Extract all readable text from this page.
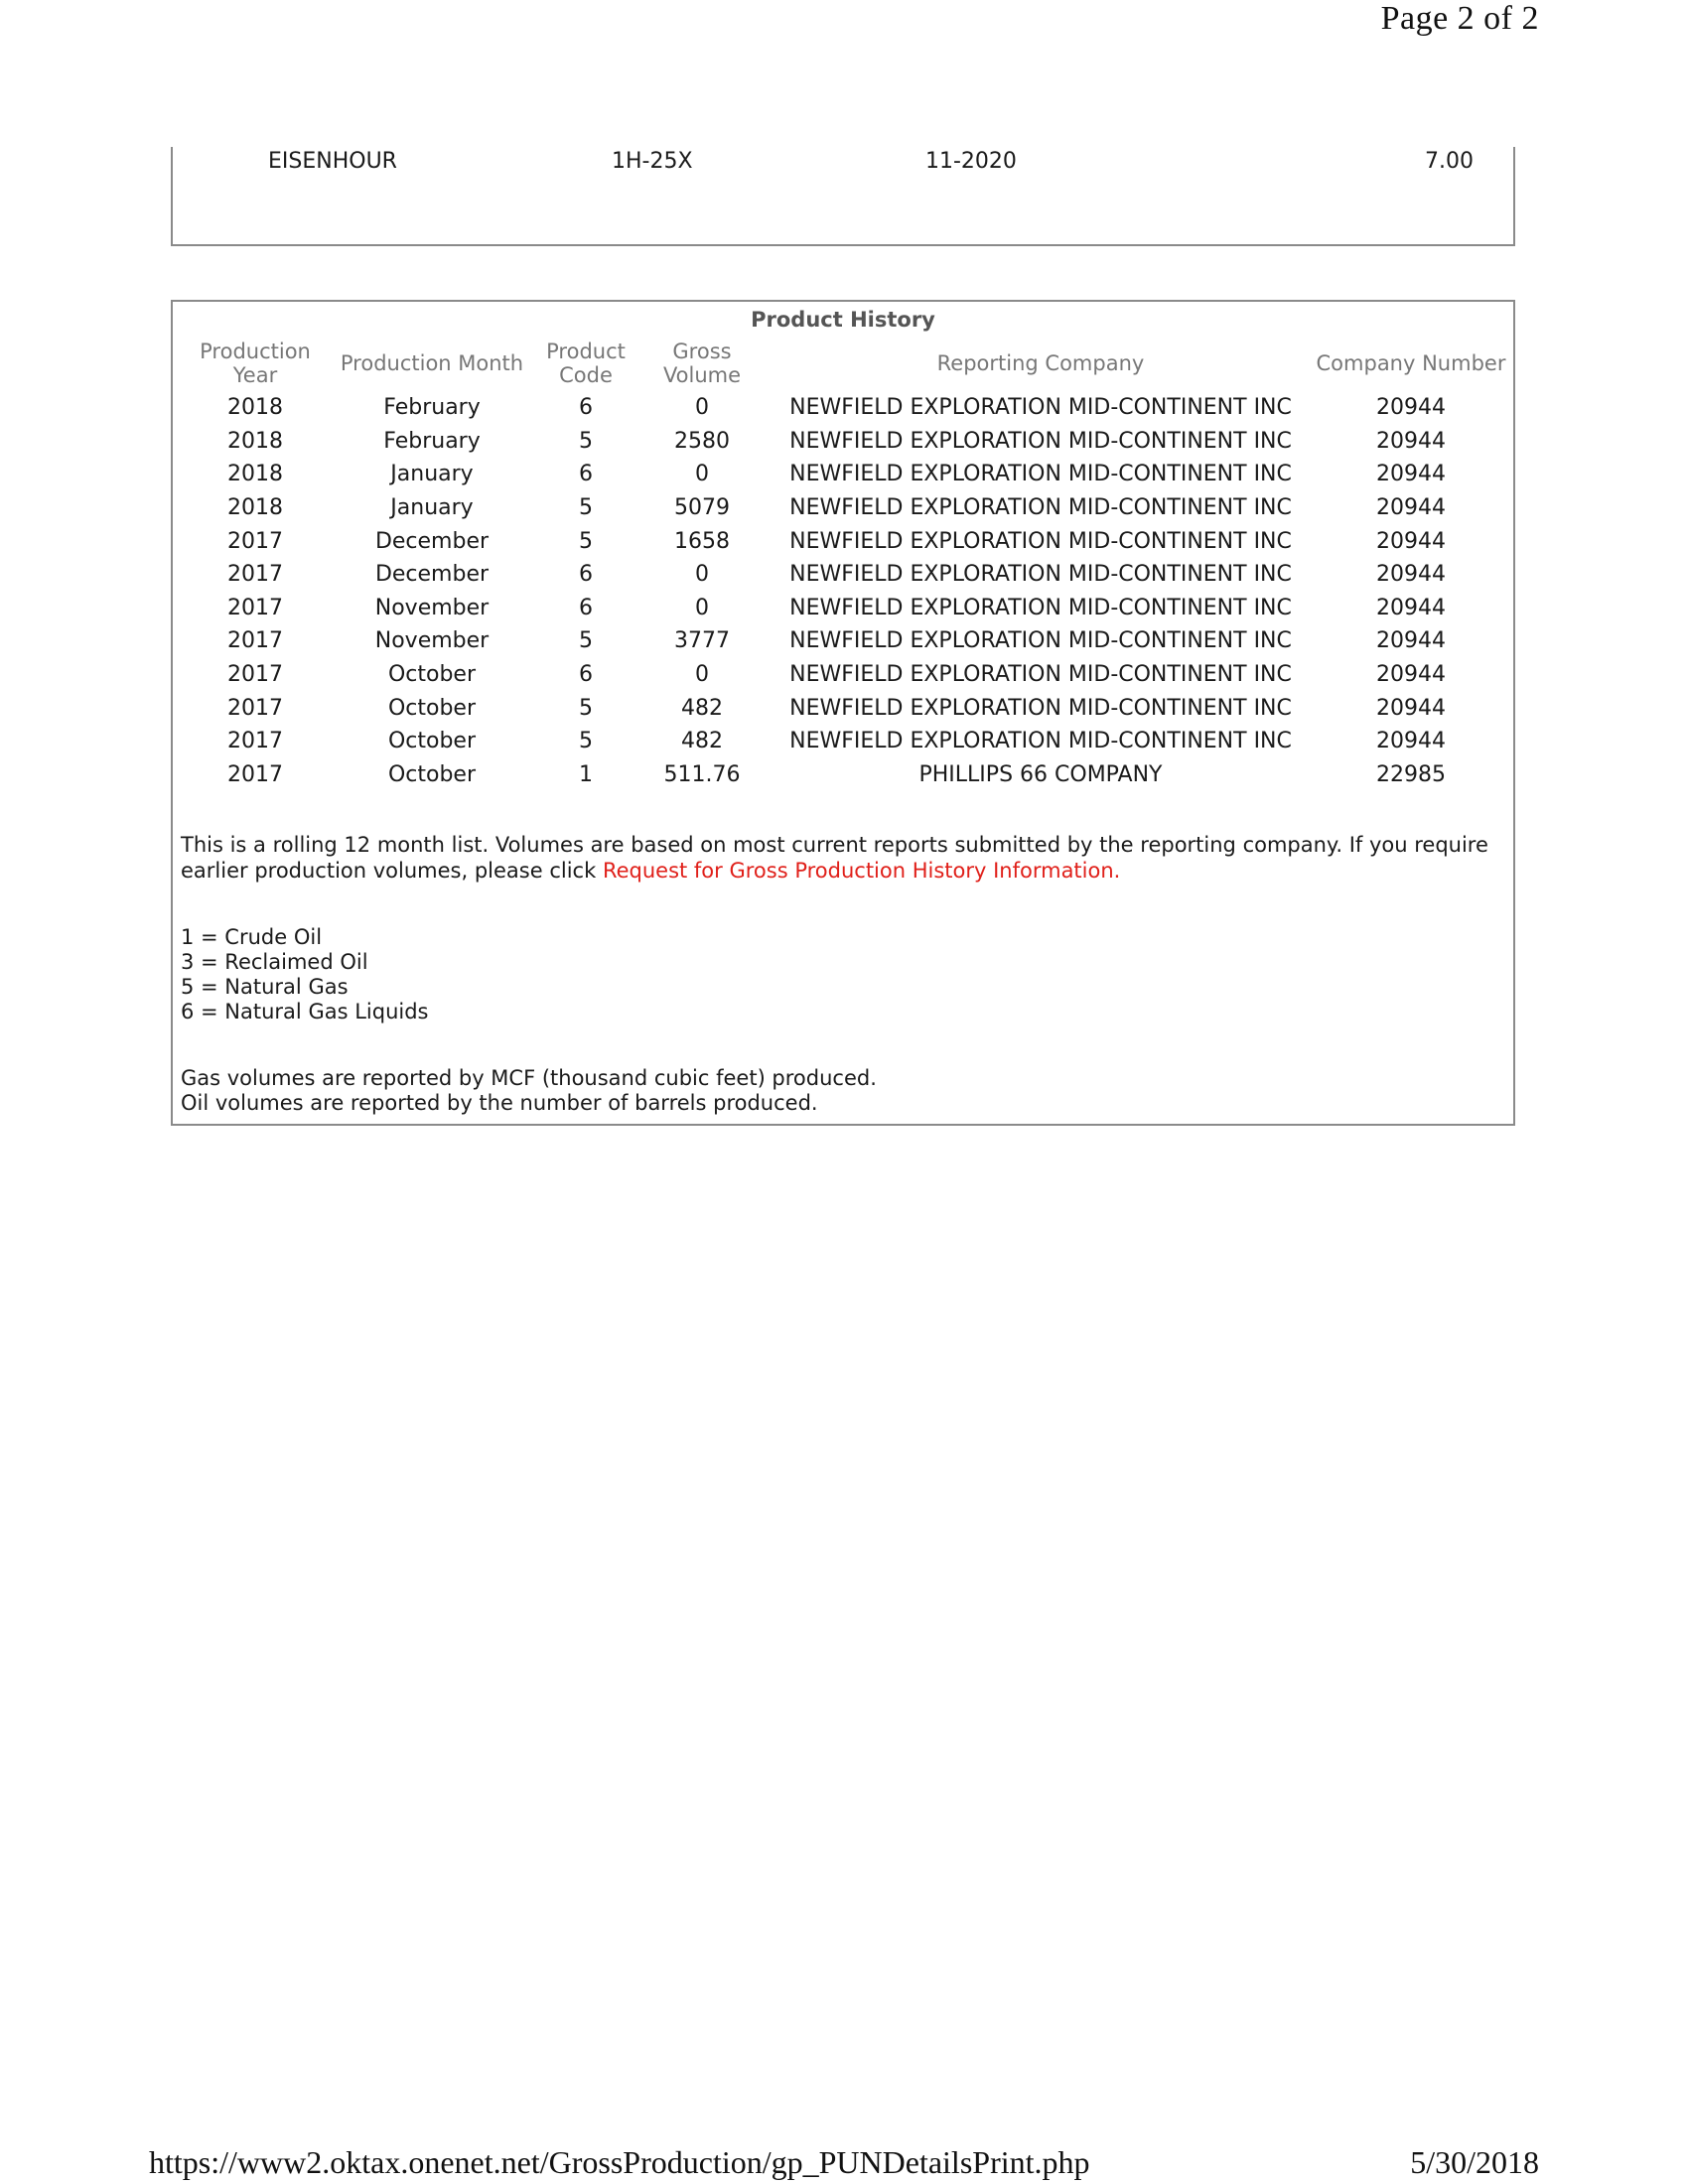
Page 2 of 2
EISENHOUR	1H-25X	11-2020	7.00
Product History
Production Year	Production Month	Product Code	Gross Volume	Reporting Company	Company Number
2018	February	6	0	NEWFIELD EXPLORATION MID-CONTINENT INC	20944
2018	February	5	2580	NEWFIELD EXPLORATION MID-CONTINENT INC	20944
2018	January	6	0	NEWFIELD EXPLORATION MID-CONTINENT INC	20944
2018	January	5	5079	NEWFIELD EXPLORATION MID-CONTINENT INC	20944
2017	December	5	1658	NEWFIELD EXPLORATION MID-CONTINENT INC	20944
2017	December	6	0	NEWFIELD EXPLORATION MID-CONTINENT INC	20944
2017	November	6	0	NEWFIELD EXPLORATION MID-CONTINENT INC	20944
2017	November	5	3777	NEWFIELD EXPLORATION MID-CONTINENT INC	20944
2017	October	6	0	NEWFIELD EXPLORATION MID-CONTINENT INC	20944
2017	October	5	482	NEWFIELD EXPLORATION MID-CONTINENT INC	20944
2017	October	5	482	NEWFIELD EXPLORATION MID-CONTINENT INC	20944
2017	October	1	511.76	PHILLIPS 66 COMPANY	22985
This is a rolling 12 month list. Volumes are based on most current reports submitted by the reporting company. If you require earlier production volumes, please click Request for Gross Production History Information.
1 = Crude Oil
3 = Reclaimed Oil
5 = Natural Gas
6 = Natural Gas Liquids
Gas volumes are reported by MCF (thousand cubic feet) produced.
Oil volumes are reported by the number of barrels produced.
https://www2.oktax.onenet.net/GrossProduction/gp_PUNDetailsPrint.php	5/30/2018
